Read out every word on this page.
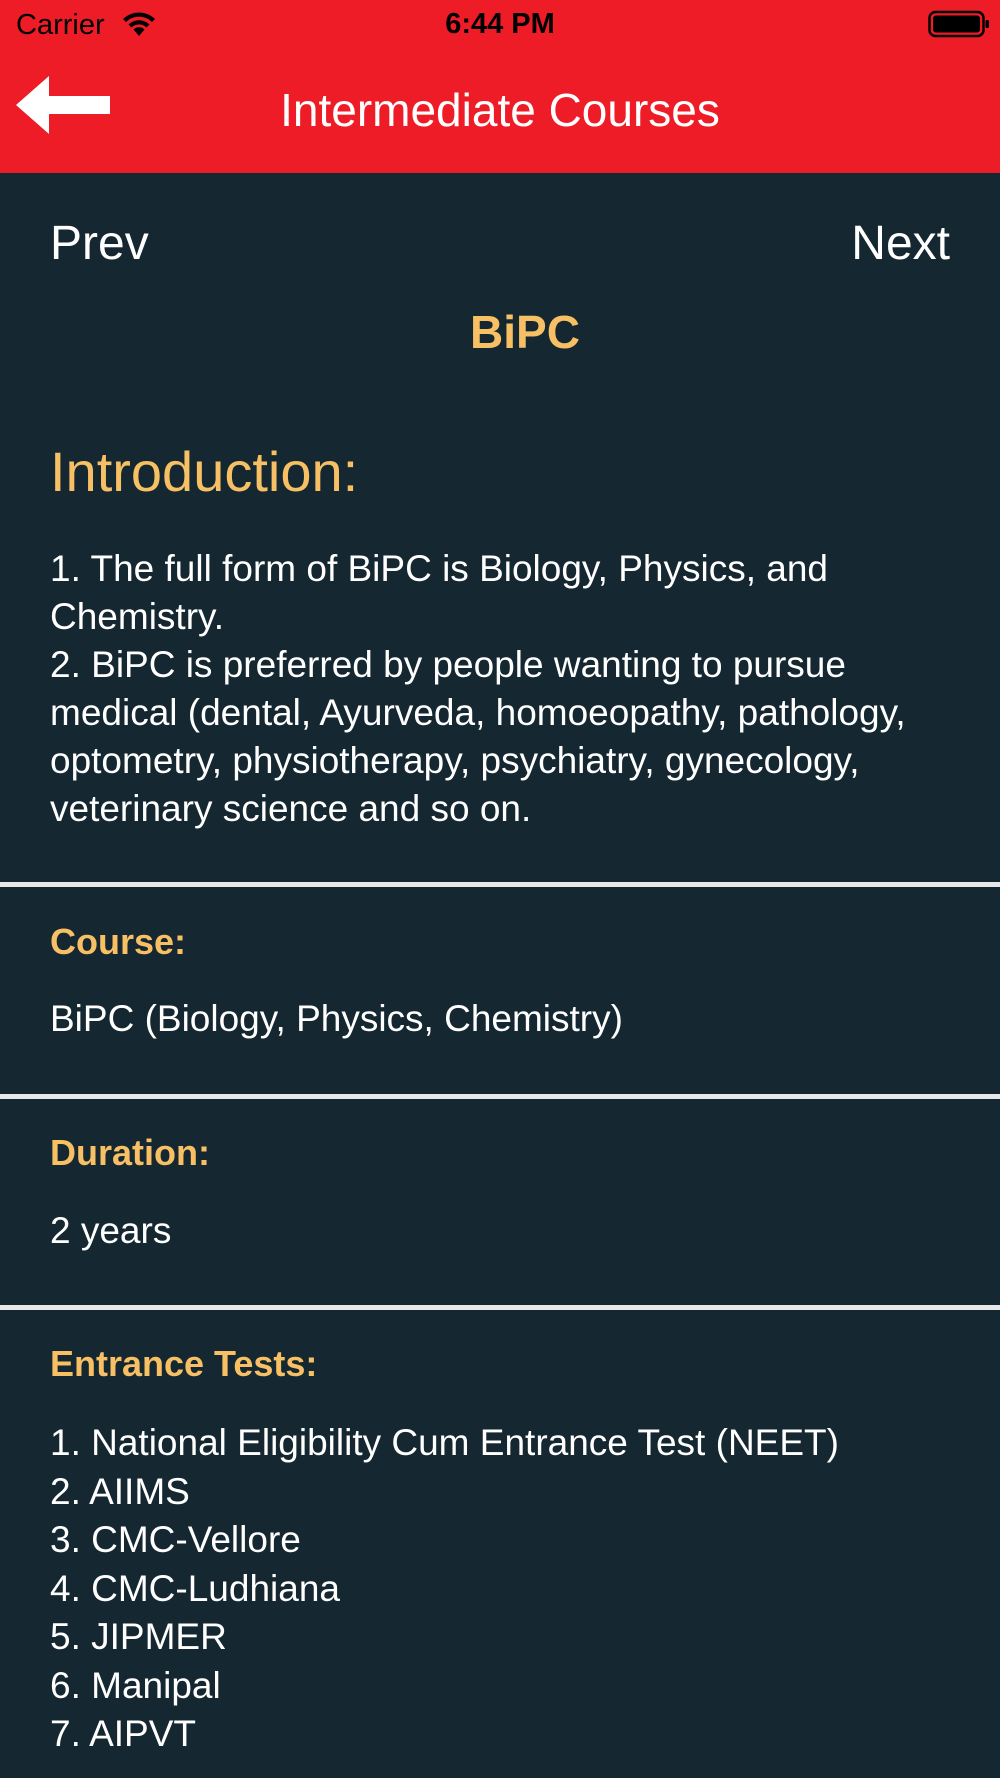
Carrier	6:44 PM
Intermediate Courses
Prev	Next
BiPC
Introduction:
1. The full form of BiPC is Biology, Physics, and Chemistry.
2. BiPC is preferred by people wanting to pursue medical (dental, Ayurveda, homoeopathy, pathology, optometry, physiotherapy, psychiatry, gynecology, veterinary science and so on.
Course:
BiPC (Biology, Physics, Chemistry)
Duration:
2 years
Entrance Tests:
1. National Eligibility Cum Entrance Test (NEET)
2. AIIMS
3. CMC-Vellore
4. CMC-Ludhiana
5. JIPMER
6. Manipal
7. AIPVT
